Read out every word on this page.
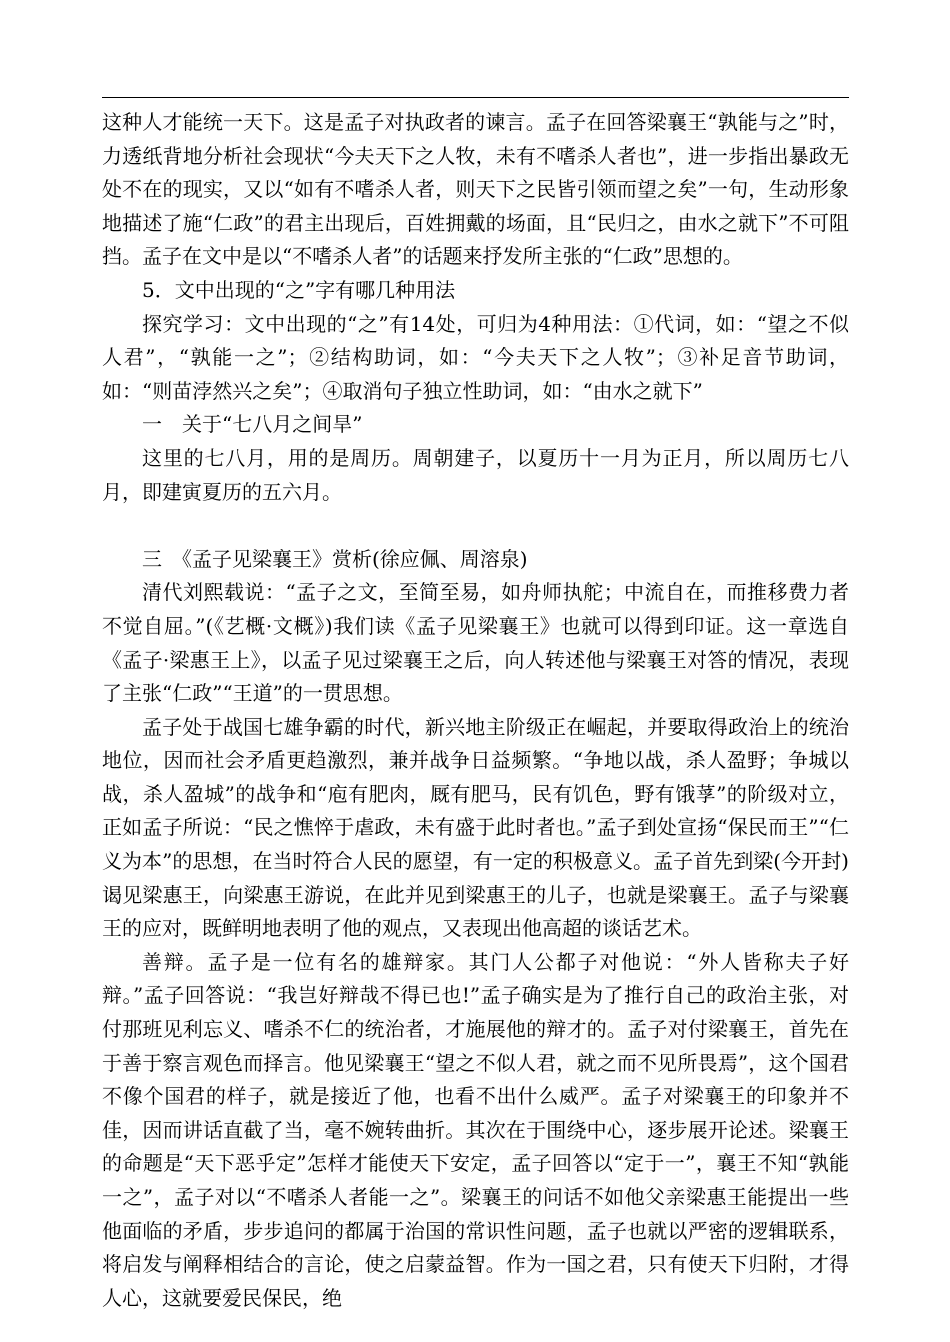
这种人才能统一天下。这是孟子对执政者的谏言。孟子在回答梁襄王“孰能与之”时，力透纸背地分析社会现状“今夫天下之人牧，未有不嗜杀人者也”，进一步指出暴政无处不在的现实，又以“如有不嗜杀人者，则天下之民皆引领而望之矣”一句，生动形象地描述了施“仁政”的君主出现后，百姓拥戴的场面，且“民归之，由水之就下”不可阻挡。孟子在文中是以“不嗜杀人者”的话题来抒发所主张的“仁政”思想的。

5．文中出现的“之”字有哪几种用法

探究学习：文中出现的“之”有14处，可归为4种用法：①代词，如：“望之不似人君”，“孰能一之”；②结构助词，如：“今夫天下之人牧”；③补足音节助词，如：“则苗浡然兴之矣”；④取消句子独立性助词，如：“由水之就下”

一　关于“七八月之间旱”

这里的七八月，用的是周历。周朝建子，以夏历十一月为正月，所以周历七八月，即建寅夏历的五六月。

三　《孟子见梁襄王》赏析(徐应佩、周溶泉)

清代刘熙载说：“孟子之文，至简至易，如舟师执舵；中流自在，而推移费力者不觉自屈。”(《艺概·文概》)我们读《孟子见梁襄王》也就可以得到印证。这一章选自《孟子·梁惠王上》，以孟子见过梁襄王之后，向人转述他与梁襄王对答的情况，表现了主张“仁政”“王道”的一贯思想。

孟子处于战国七雄争霸的时代，新兴地主阶级正在崛起，并要取得政治上的统治地位，因而社会矛盾更趋激烈，兼并战争日益频繁。“争地以战，杀人盈野；争城以战，杀人盈城”的战争和“庖有肥肉，厩有肥马，民有饥色，野有饿莩”的阶级对立，正如孟子所说：“民之憔悴于虐政，未有盛于此时者也。”孟子到处宣扬“保民而王”“仁义为本”的思想，在当时符合人民的愿望，有一定的积极意义。孟子首先到梁(今开封)谒见梁惠王，向梁惠王游说，在此并见到梁惠王的儿子，也就是梁襄王。孟子与梁襄王的应对，既鲜明地表明了他的观点，又表现出他高超的谈话艺术。

善辩。孟子是一位有名的雄辩家。其门人公都子对他说：“外人皆称夫子好辩。”孟子回答说：“我岂好辩哉不得已也!”孟子确实是为了推行自己的政治主张，对付那班见利忘义、嗜杀不仁的统治者，才施展他的辩才的。孟子对付梁襄王，首先在于善于察言观色而择言。他见梁襄王“望之不似人君，就之而不见所畏焉”，这个国君不像个国君的样子，就是接近了他，也看不出什么威严。孟子对梁襄王的印象并不佳，因而讲话直截了当，毫不婉转曲折。其次在于围绕中心，逐步展开论述。梁襄王的命题是“天下恶乎定”怎样才能使天下安定，孟子回答以“定于一”，襄王不知“孰能一之”，孟子对以“不嗜杀人者能一之”。梁襄王的问话不如他父亲梁惠王能提出一些他面临的矛盾，步步追问的都属于治国的常识性问题，孟子也就以严密的逻辑联系，将启发与阐释相结合的言论，使之启蒙益智。作为一国之君，只有使天下归附，才得人心，这就要爱民保民，绝
